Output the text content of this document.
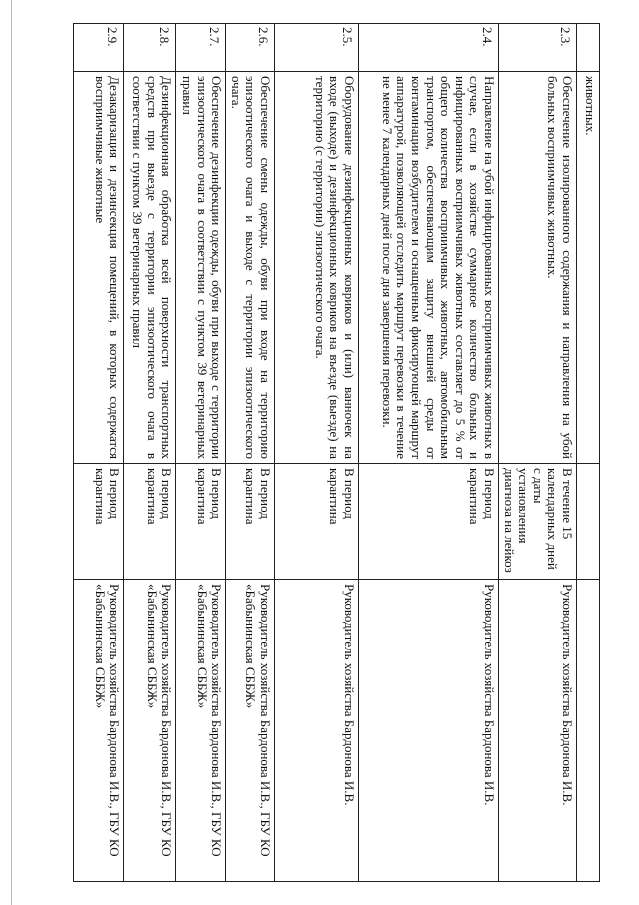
	животных.		
2.3.	Обеспечение изолированного содержания и направления на убой больных восприимчивых животных.	В течение 15 календарных дней с даты установления диагноза на лейкоз	Руководитель хозяйства Бардонова И.В.
2.4.	Направление на убой инфицированных восприимчивых животных в случае, если в хозяйстве суммарное количество больных и инфицированных восприимчивых животных составляет до 5 % от общего количества восприимчивых животных, автомобильным транспортом, обеспечивающим защиту внешней среды от контаминации возбудителем и оснащенным фиксирующей маршрут аппаратурой, позволяющей отследить маршрут перевозки в течение не менее 7 календарных дней после дня завершения перевозки.	В период карантина	Руководитель хозяйства Бардонова И.В.
2.5.	Оборудование дезинфекционных ковриков и (или) ванночек на входе (выходе) и дезинфекционных ковриков на въезде (выезде) на территорию (с территории) эпизоотического очага.	В период карантина	Руководитель хозяйства Бардонова И.В.
2.6.	Обеспечение смены одежды, обуви при входе на территорию эпизоотического очага и выходе с территории эпизоотического очага.	В период карантина	Руководитель хозяйства Бардонова И.В., ГБУ КО «Бабынинская СББЖ»
2.7.	Обеспечение дезинфекции одежды, обуви при выходе с территории эпизоотического очага в соответствии с пунктом 39 ветеринарных правил	В период карантина	Руководитель хозяйства Бардонова И.В., ГБУ КО «Бабынинская СББЖ»
2.8.	Дезинфекционная обработка всей поверхности транспортных средств при выезде с территории эпизоотического очага в соответствии с пунктом 39 ветеринарных правил	В период карантина	Руководитель хозяйства Бардонова И.В., ГБУ КО «Бабынинская СББЖ»
2.9.	Дезакаризация и дезинсекция помещений, в которых содержатся восприимчивые животные	В период карантина	Руководитель хозяйства Бардонова И.В., ГБУ КО «Бабынинская СББЖ»
